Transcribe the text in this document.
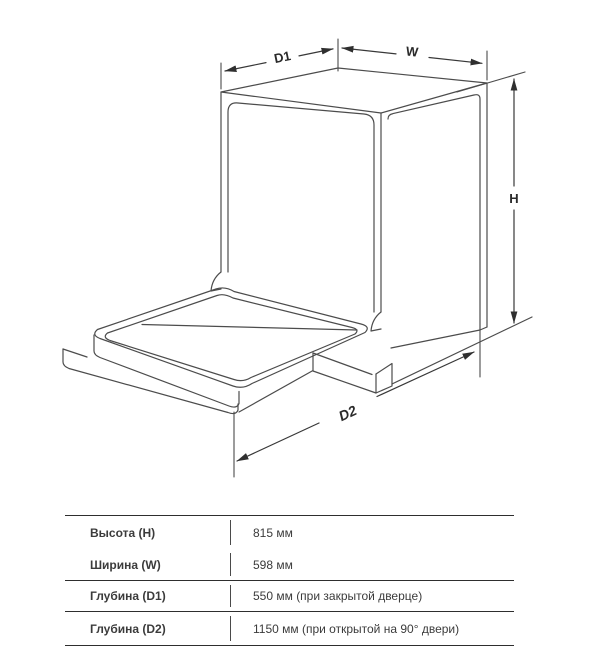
D1	W
H
D2
Высота (H)	815 мм
Ширина (W)	598 мм
Глубина (D1)	550 мм (при закрытой дверце)
Глубина (D2)	1150 мм (при открытой на 90° двери)
